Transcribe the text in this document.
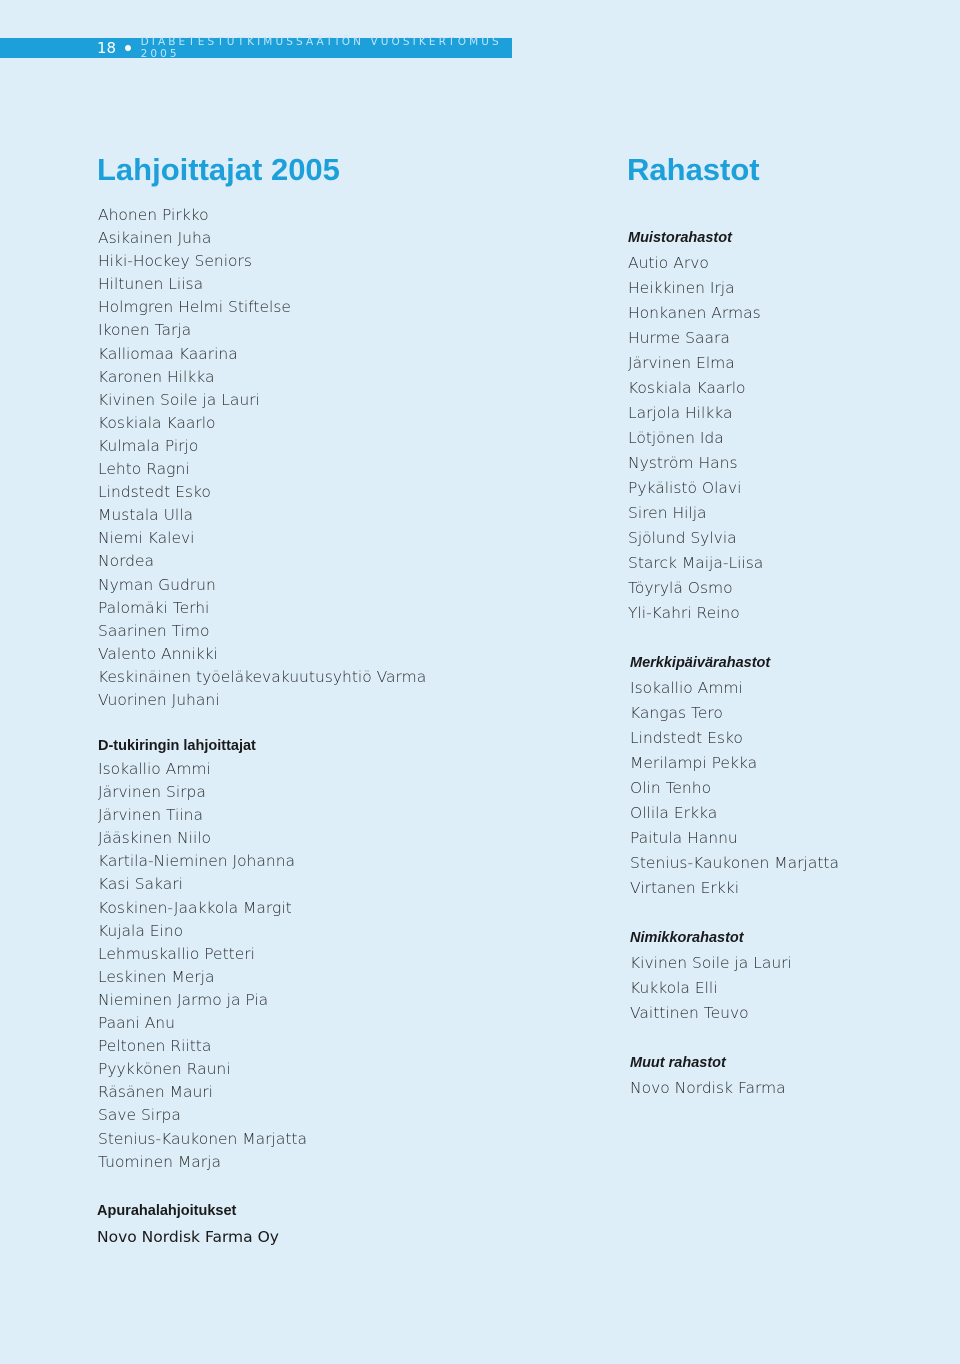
18 DIABETESTUTKIMUSSÄÄTIÖN VUOSIKERTOMUS 2005
Lahjoittajat 2005
Ahonen Pirkko
Asikainen Juha
Hiki-Hockey Seniors
Hiltunen Liisa
Holmgren Helmi Stiftelse
Ikonen Tarja
Kalliomaa Kaarina
Karonen Hilkka
Kivinen Soile ja Lauri
Koskiala Kaarlo
Kulmala Pirjo
Lehto Ragni
Lindstedt Esko
Mustala Ulla
Niemi Kalevi
Nordea
Nyman Gudrun
Palomäki Terhi
Saarinen Timo
Valento Annikki
Keskinäinen työeläkevakuutusyhtiö Varma
Vuorinen Juhani
D-tukiringin lahjoittajat
Isokallio Ammi
Järvinen Sirpa
Järvinen Tiina
Jääskinen Niilo
Kartila-Nieminen Johanna
Kasi Sakari
Koskinen-Jaakkola Margit
Kujala Eino
Lehmuskallio Petteri
Leskinen Merja
Nieminen Jarmo ja Pia
Paani Anu
Peltonen Riitta
Pyykkönen Rauni
Räsänen Mauri
Save Sirpa
Stenius-Kaukonen Marjatta
Tuominen Marja
Apurahalahjoitukset

Novo Nordisk Farma Oy

Rahastot
Muistorahastot
Autio Arvo
Heikkinen Irja
Honkanen Armas
Hurme Saara
Järvinen Elma
Koskiala Kaarlo
Larjola Hilkka
Lötjönen Ida
Nyström Hans
Pykälistö Olavi
Siren Hilja
Sjölund Sylvia
Starck Maija-Liisa
Töyrylä Osmo
Yli-Kahri Reino
Merkkipäivärahastot
Isokallio Ammi
Kangas Tero
Lindstedt Esko
Merilampi Pekka
Olin Tenho
Ollila Erkka
Paitula Hannu
Stenius-Kaukonen Marjatta
Virtanen Erkki
Nimikkorahastot
Kivinen Soile ja Lauri
Kukkola Elli
Vaittinen Teuvo
Muut rahastot
Novo Nordisk Farma
